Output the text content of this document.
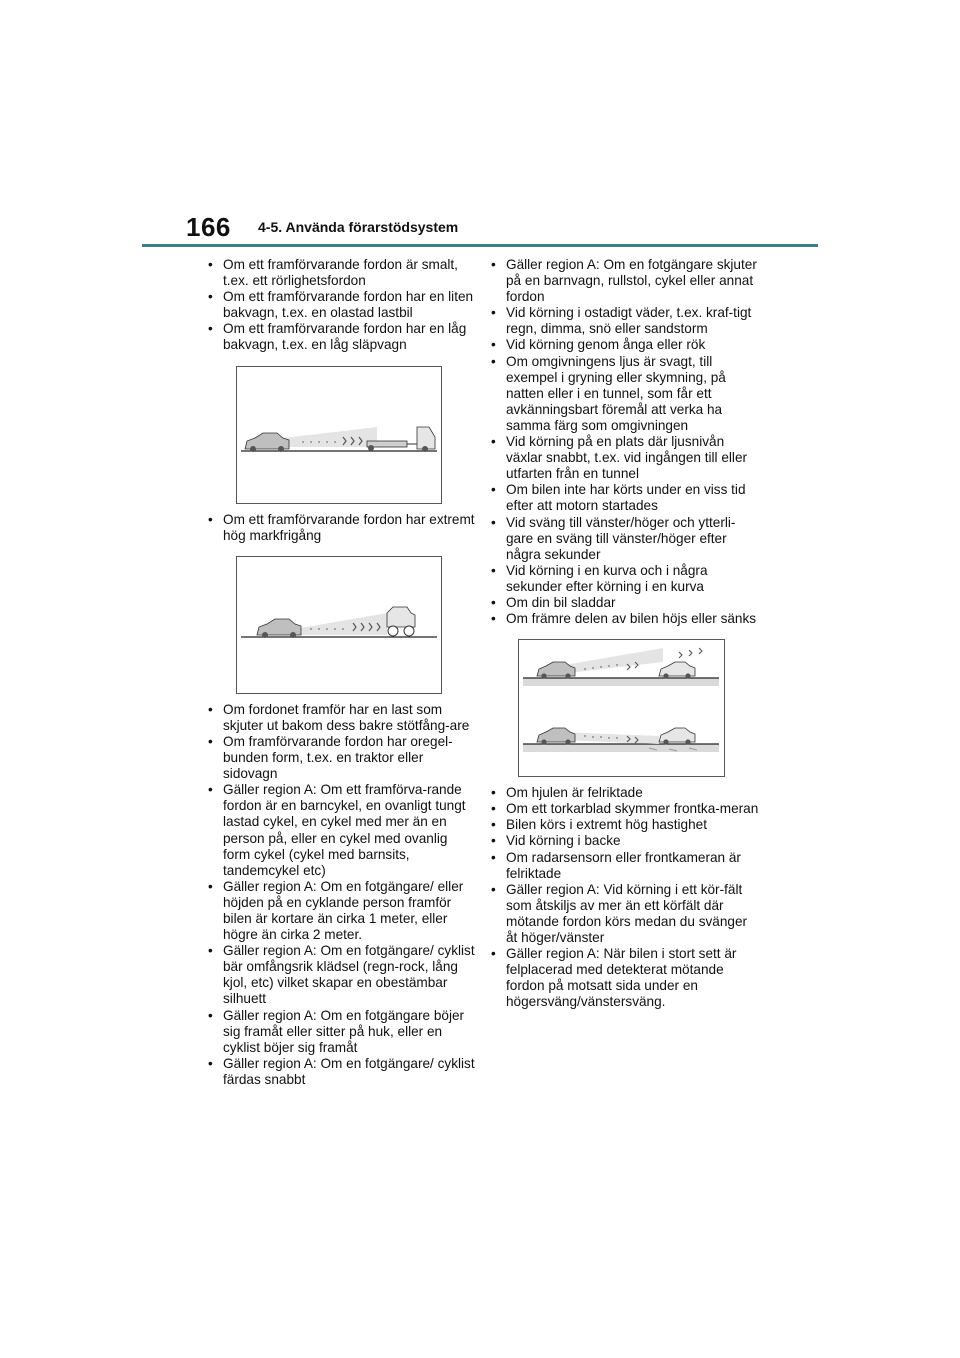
166 4-5. Använda förarstödsystem
• Om ett framförvarande fordon är smalt, t.ex. ett rörlighetsfordon
• Om ett framförvarande fordon har en liten bakvagn, t.ex. en olastad lastbil
• Om ett framförvarande fordon har en låg bakvagn, t.ex. en låg släpvagn
• Om ett framförvarande fordon har extremt hög markfrigång
• Om fordonet framför har en last som skjuter ut bakom dess bakre stötfång-are
• Om framförvarande fordon har oregel-bunden form, t.ex. en traktor eller sidovagn
• Gäller region A: Om ett framförva-rande fordon är en barncykel, en ovanligt tungt lastad cykel, en cykel med mer än en person på, eller en cykel med ovanlig form cykel (cykel med barnsits, tandemcykel etc)
• Gäller region A: Om en fotgängare/ eller höjden på en cyklande person framför bilen är kortare än cirka 1 meter, eller högre än cirka 2 meter.
• Gäller region A: Om en fotgängare/ cyklist bär omfångsrik klädsel (regn-rock, lång kjol, etc) vilket skapar en obestämbar silhuett
• Gäller region A: Om en fotgängare böjer sig framåt eller sitter på huk, eller en cyklist böjer sig framåt
• Gäller region A: Om en fotgängare/ cyklist färdas snabbt
• Gäller region A: Om en fotgängare skjuter på en barnvagn, rullstol, cykel eller annat fordon
• Vid körning i ostadigt väder, t.ex. kraf-tigt regn, dimma, snö eller sandstorm
• Vid körning genom ånga eller rök
• Om omgivningens ljus är svagt, till exempel i gryning eller skymning, på natten eller i en tunnel, som får ett avkänningsbart föremål att verka ha samma färg som omgivningen
• Vid körning på en plats där ljusnivån växlar snabbt, t.ex. vid ingången till eller utfarten från en tunnel
• Om bilen inte har körts under en viss tid efter att motorn startades
• Vid sväng till vänster/höger och ytterli-gare en sväng till vänster/höger efter några sekunder
• Vid körning i en kurva och i några sekunder efter körning i en kurva
• Om din bil sladdar
• Om främre delen av bilen höjs eller sänks
• Om hjulen är felriktade
• Om ett torkarblad skymmer frontka-meran
• Bilen körs i extremt hög hastighet
• Vid körning i backe
• Om radarsensorn eller frontkameran är felriktade
• Gäller region A: Vid körning i ett kör-fält som åtskiljs av mer än ett körfält där mötande fordon körs medan du svänger åt höger/vänster
• Gäller region A: När bilen i stort sett är felplacerad med detekterat mötande fordon på motsatt sida under en högersväng/vänstersväng.
